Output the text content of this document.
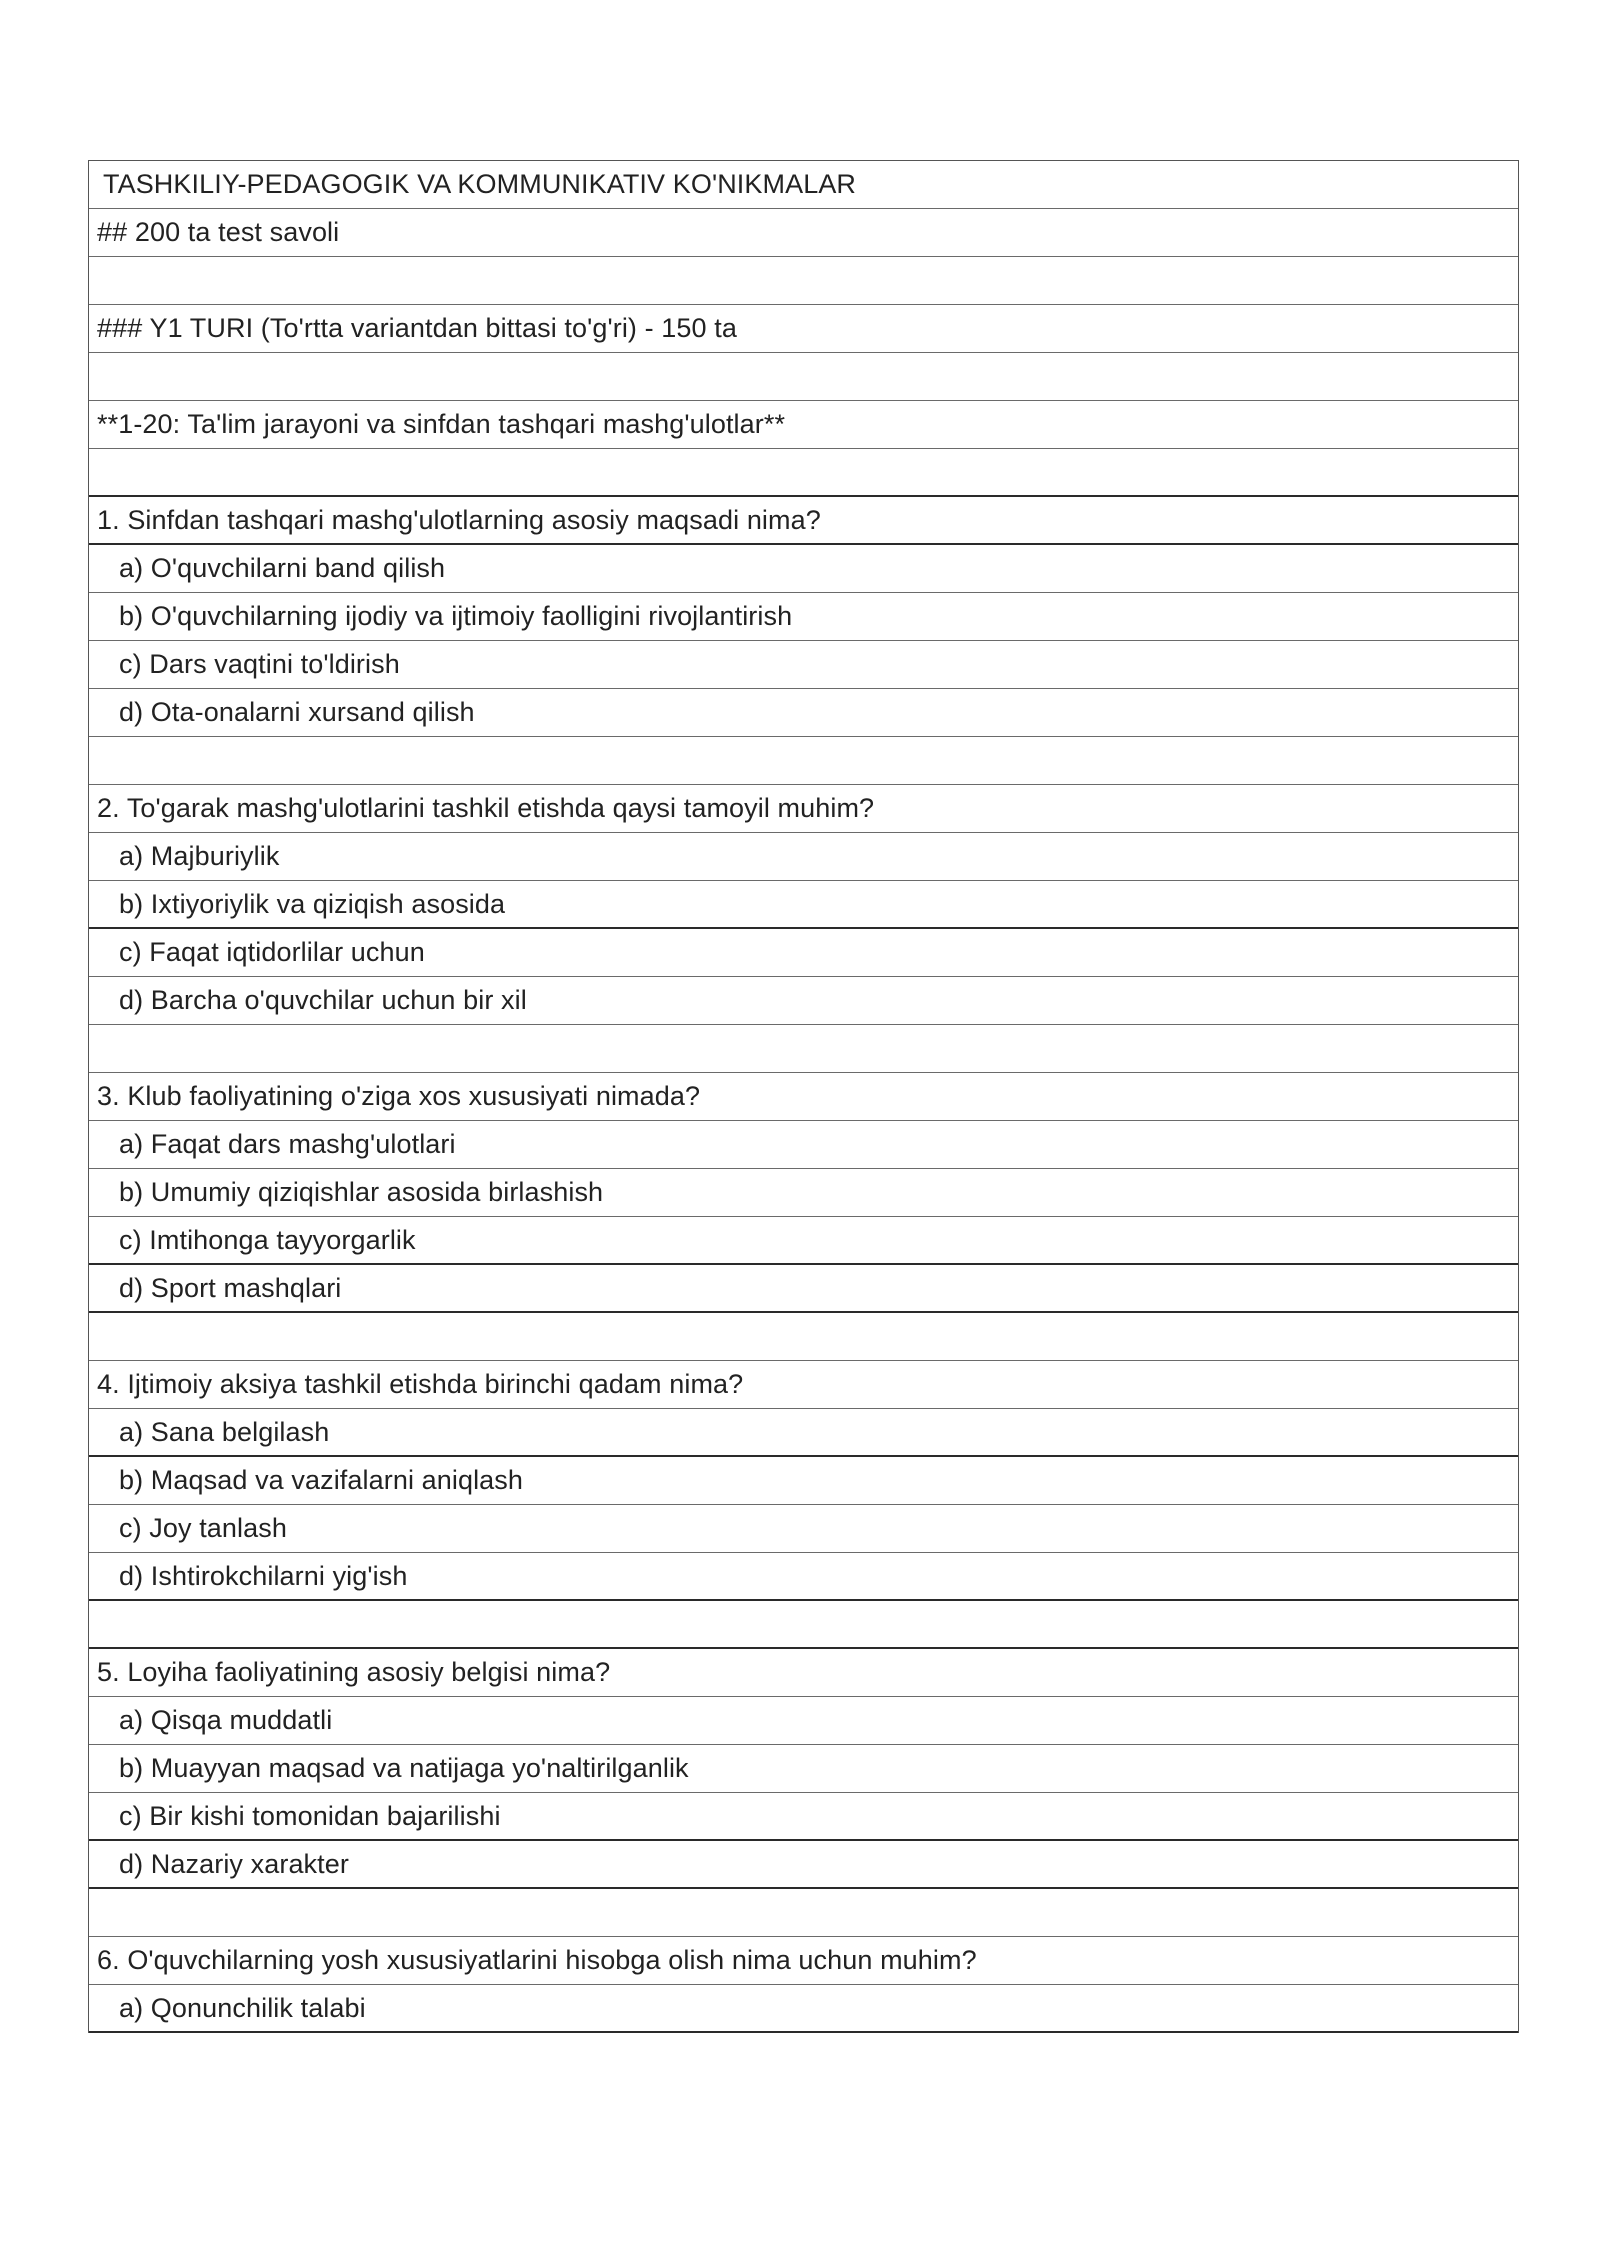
TASHKILIY-PEDAGOGIK VA KOMMUNIKATIV KO'NIKMALAR
## 200 ta test savoli
### Y1 TURI (To'rtta variantdan bittasi to'g'ri) - 150 ta
**1-20: Ta'lim jarayoni va sinfdan tashqari mashg'ulotlar**
1. Sinfdan tashqari mashg'ulotlarning asosiy maqsadi nima?
a) O'quvchilarni band qilish
b) O'quvchilarning ijodiy va ijtimoiy faolligini rivojlantirish
c) Dars vaqtini to'ldirish
d) Ota-onalarni xursand qilish
2. To'garak mashg'ulotlarini tashkil etishda qaysi tamoyil muhim?
a) Majburiylik
b) Ixtiyoriylik va qiziqish asosida
c) Faqat iqtidorlilar uchun
d) Barcha o'quvchilar uchun bir xil
3. Klub faoliyatining o'ziga xos xususiyati nimada?
a) Faqat dars mashg'ulotlari
b) Umumiy qiziqishlar asosida birlashish
c) Imtihonga tayyorgarlik
d) Sport mashqlari
4. Ijtimoiy aksiya tashkil etishda birinchi qadam nima?
a) Sana belgilash
b) Maqsad va vazifalarni aniqlash
c) Joy tanlash
d) Ishtirokchilarni yig'ish
5. Loyiha faoliyatining asosiy belgisi nima?
a) Qisqa muddatli
b) Muayyan maqsad va natijaga yo'naltirilganlik
c) Bir kishi tomonidan bajarilishi
d) Nazariy xarakter
6. O'quvchilarning yosh xususiyatlarini hisobga olish nima uchun muhim?
a) Qonunchilik talabi
